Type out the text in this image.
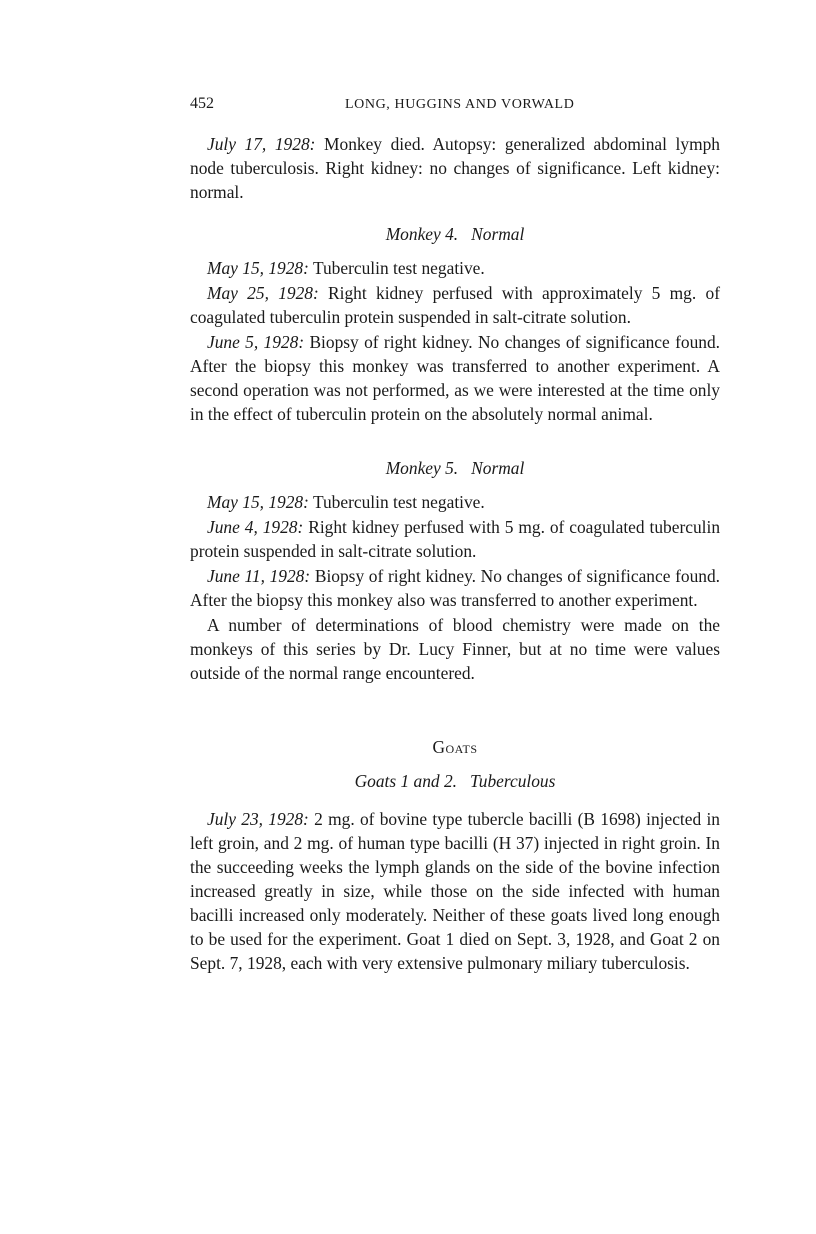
452	LONG, HUGGINS AND VORWALD

July 17, 1928: Monkey died. Autopsy: generalized abdominal lymph node tuberculosis. Right kidney: no changes of significance. Left kidney: normal.

Monkey 4.   Normal

May 15, 1928: Tuberculin test negative.

May 25, 1928: Right kidney perfused with approximately 5 mg. of coagulated tuberculin protein suspended in salt-citrate solution.

June 5, 1928: Biopsy of right kidney. No changes of significance found. After the biopsy this monkey was transferred to another experiment. A second operation was not performed, as we were interested at the time only in the effect of tuberculin protein on the absolutely normal animal.

Monkey 5.   Normal

May 15, 1928: Tuberculin test negative.

June 4, 1928: Right kidney perfused with 5 mg. of coagulated tuberculin protein suspended in salt-citrate solution.

June 11, 1928: Biopsy of right kidney. No changes of significance found. After the biopsy this monkey also was transferred to another experiment.

A number of determinations of blood chemistry were made on the monkeys of this series by Dr. Lucy Finner, but at no time were values outside of the normal range encountered.

Goats

Goats 1 and 2.   Tuberculous

July 23, 1928: 2 mg. of bovine type tubercle bacilli (B 1698) injected in left groin, and 2 mg. of human type bacilli (H 37) injected in right groin. In the succeeding weeks the lymph glands on the side of the bovine infection increased greatly in size, while those on the side infected with human bacilli increased only moderately. Neither of these goats lived long enough to be used for the experiment. Goat 1 died on Sept. 3, 1928, and Goat 2 on Sept. 7, 1928, each with very extensive pulmonary miliary tuberculosis.
